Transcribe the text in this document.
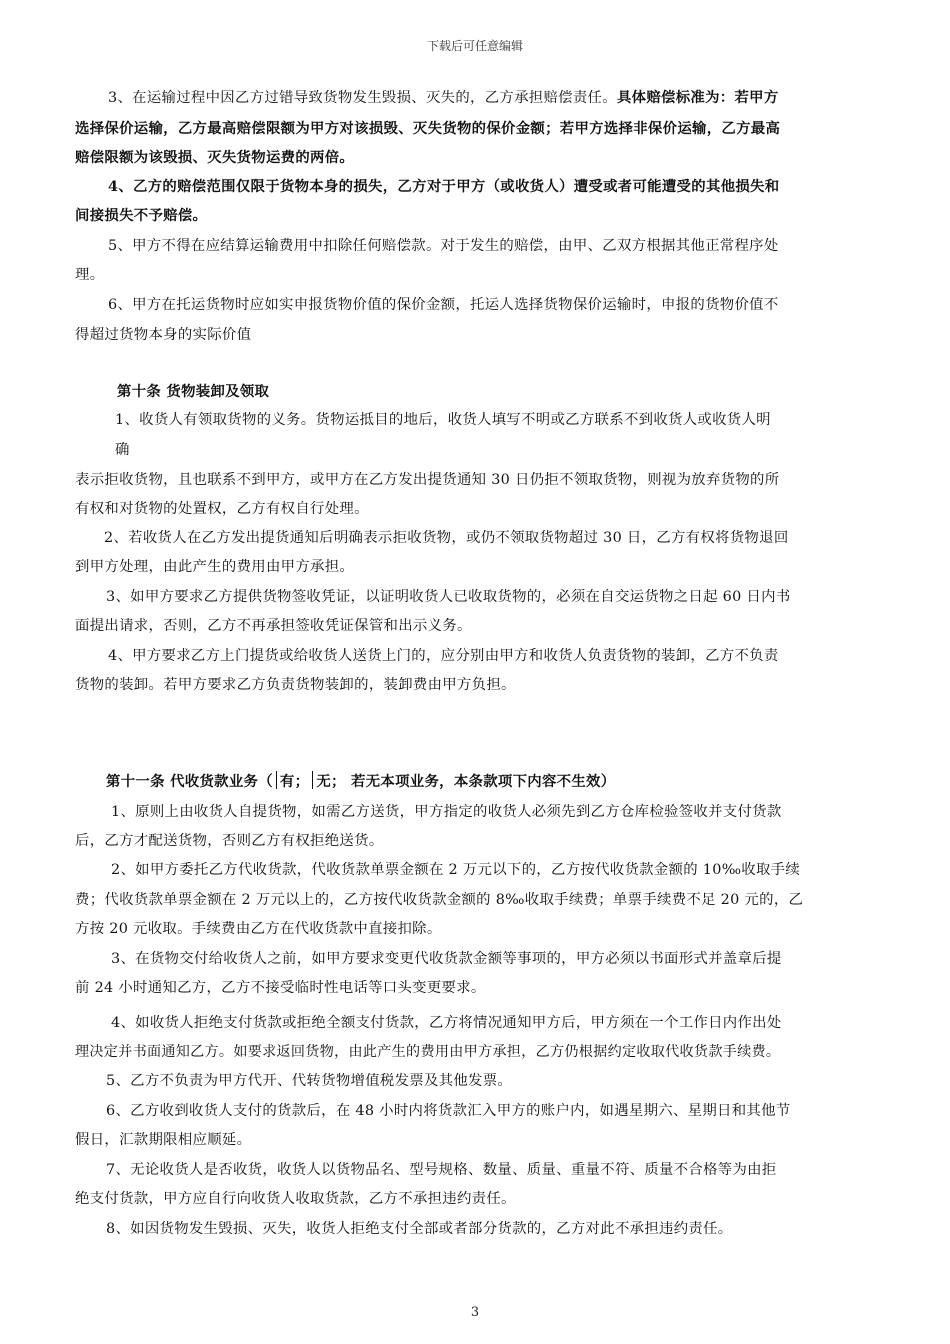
下载后可任意编辑
3、在运输过程中因乙方过错导致货物发生毁损、灭失的，乙方承担赔偿责任。具体赔偿标准为：若甲方
选择保价运输，乙方最高赔偿限额为甲方对该损毁、灭失货物的保价金额；若甲方选择非保价运输，乙方最高
赔偿限额为该毁损、灭失货物运费的两倍。
4、乙方的赔偿范围仅限于货物本身的损失，乙方对于甲方（或收货人）遭受或者可能遭受的其他损失和
间接损失不予赔偿。
5、甲方不得在应结算运输费用中扣除任何赔偿款。对于发生的赔偿，由甲、乙双方根据其他正常程序处
理。
6、甲方在托运货物时应如实申报货物价值的保价金额，托运人选择货物保价运输时，申报的货物价值不
得超过货物本身的实际价值
第十条 货物装卸及领取
1、收货人有领取货物的义务。货物运抵目的地后，收货人填写不明或乙方联系不到收货人或收货人明
确
表示拒收货物，且也联系不到甲方，或甲方在乙方发出提货通知 30 日仍拒不领取货物，则视为放弃货物的所
有权和对货物的处置权，乙方有权自行处理。
2、若收货人在乙方发出提货通知后明确表示拒收货物，或仍不领取货物超过 30 日，乙方有权将货物退回
到甲方处理，由此产生的费用由甲方承担。
3、如甲方要求乙方提供货物签收凭证，以证明收货人已收取货物的，必须在自交运货物之日起 60 日内书
面提出请求，否则，乙方不再承担签收凭证保管和出示义务。
4、甲方要求乙方上门提货或给收货人送货上门的，应分别由甲方和收货人负责货物的装卸，乙方不负责
货物的装卸。若甲方要求乙方负责货物装卸的，装卸费由甲方负担。
第十一条 代收货款业务（ 有； 无； 若无本项业务，本条款项下内容不生效）
1、原则上由收货人自提货物，如需乙方送货，甲方指定的收货人必须先到乙方仓库检验签收并支付货款
后，乙方才配送货物，否则乙方有权拒绝送货。
2、如甲方委托乙方代收货款，代收货款单票金额在 2 万元以下的，乙方按代收货款金额的 10‰收取手续
费；代收货款单票金额在 2 万元以上的，乙方按代收货款金额的 8‰收取手续费；单票手续费不足 20 元的，乙
方按 20 元收取。手续费由乙方在代收货款中直接扣除。
3、在货物交付给收货人之前，如甲方要求变更代收货款金额等事项的，甲方必须以书面形式并盖章后提
前 24 小时通知乙方，乙方不接受临时性电话等口头变更要求。
4、如收货人拒绝支付货款或拒绝全额支付货款，乙方将情况通知甲方后，甲方须在一个工作日内作出处
理决定并书面通知乙方。如要求返回货物，由此产生的费用由甲方承担，乙方仍根据约定收取代收货款手续费。
5、乙方不负责为甲方代开、代转货物增值税发票及其他发票。
6、乙方收到收货人支付的货款后，在 48 小时内将货款汇入甲方的账户内，如遇星期六、星期日和其他节
假日，汇款期限相应顺延。
7、无论收货人是否收货，收货人以货物品名、型号规格、数量、质量、重量不符、质量不合格等为由拒
绝支付货款，甲方应自行向收货人收取货款，乙方不承担违约责任。
8、如因货物发生毁损、灭失，收货人拒绝支付全部或者部分货款的，乙方对此不承担违约责任。
3
